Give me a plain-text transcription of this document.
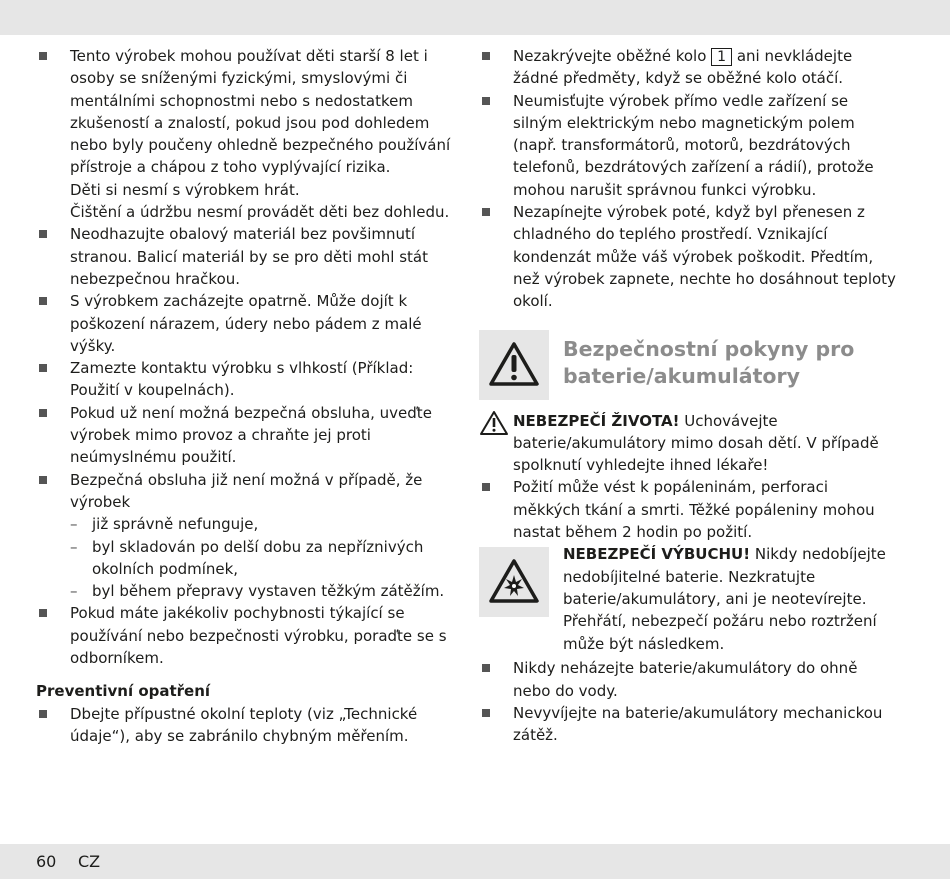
Tento výrobek mohou používat děti starší 8 let i osoby se sníženými fyzickými, smyslovými či mentálními schopnostmi nebo s nedostatkem zkušeností a znalostí, pokud jsou pod dohledem nebo byly poučeny ohledně bezpečného používání přístroje a chápou z toho vyplývající rizika.
Děti si nesmí s výrobkem hrát.
Čištění a údržbu nesmí provádět děti bez dohledu.
Neodhazujte obalový materiál bez povšimnutí stranou. Balicí materiál by se pro děti mohl stát nebezpečnou hračkou.
S výrobkem zacházejte opatrně. Může dojít k poškození nárazem, údery nebo pádem z malé výšky.
Zamezte kontaktu výrobku s vlhkostí (Příklad: Použití v koupelnách).
Pokud už není možná bezpečná obsluha, uveďte výrobek mimo provoz a chraňte jej proti neúmyslnému použití.
Bezpečná obsluha již není možná v případě, že výrobek
– již správně nefunguje,
– byl skladován po delší dobu za nepříznivých okolních podmínek,
– byl během přepravy vystaven těžkým zátěžím.
Pokud máte jakékoliv pochybnosti týkající se používání nebo bezpečnosti výrobku, poraďte se s odborníkem.
Preventivní opatření
Dbejte přípustné okolní teploty (viz „Technické údaje“), aby se zabránilo chybným měřením.
Nezakrývejte oběžné kolo 1 ani nevkládejte žádné předměty, když se oběžné kolo otáčí.
Neumisťujte výrobek přímo vedle zařízení se silným elektrickým nebo magnetickým polem (např. transformátorů, motorů, bezdrátových telefonů, bezdrátových zařízení a rádií), protože mohou narušit správnou funkci výrobku.
Nezapínejte výrobek poté, když byl přenesen z chladného do teplého prostředí. Vznikající kondenzát může váš výrobek poškodit. Předtím, než výrobek zapnete, nechte ho dosáhnout teploty okolí.
Bezpečnostní pokyny pro baterie/akumulátory
NEBEZPEČÍ ŽIVOTA! Uchovávejte baterie/akumulátory mimo dosah dětí. V případě spolknutí vyhledejte ihned lékaře!
Požití může vést k popáleninám, perforaci měkkých tkání a smrti. Těžké popáleniny mohou nastat během 2 hodin po požití.
NEBEZPEČÍ VÝBUCHU! Nikdy nedobíjejte nedobíjitelné baterie. Nezkratujte baterie/akumulátory, ani je neotevírejte. Přehřátí, nebezpečí požáru nebo roztržení může být následkem.
Nikdy neházejte baterie/akumulátory do ohně nebo do vody.
Nevyvíjejte na baterie/akumulátory mechanickou zátěž.
60 CZ
